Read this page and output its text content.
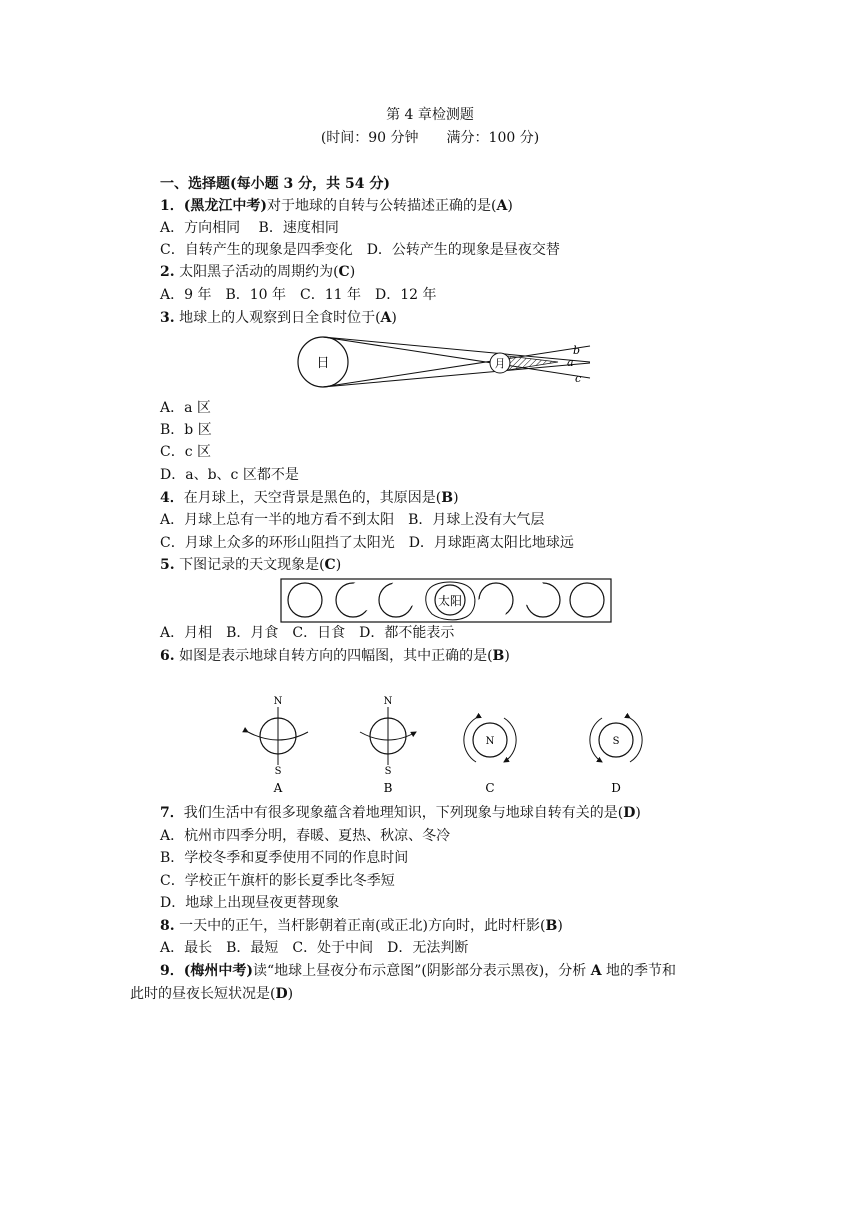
第 4 章检测题
(时间：90 分钟　　满分：100 分)
一、选择题(每小题 3 分，共 54 分)
1．(黑龙江中考)对于地球的自转与公转描述正确的是(A)
A．方向相同　 B．速度相同
C．自转产生的现象是四季变化　D．公转产生的现象是昼夜交替
2. 太阳黑子活动的周期约为(C)
A．9 年　B．10 年　C．11 年　D．12 年
3. 地球上的人观察到日全食时位于(A)
日	月	a
b
c
A．a 区
B．b 区
C．c 区
D．a、b、c 区都不是
4．在月球上，天空背景是黑色的，其原因是(B)
A．月球上总有一半的地方看不到太阳　B．月球上没有大气层
C．月球上众多的环形山阻挡了太阳光　D．月球距离太阳比地球远
5. 下图记录的天文现象是(C)
太阳
A．月相　B．月食　C．日食　D．都不能表示
6. 如图是表示地球自转方向的四幅图，其中正确的是(B)
N
S
A
N
S
B
N
C
S
D
7．我们生活中有很多现象蕴含着地理知识，下列现象与地球自转有关的是(D)
A．杭州市四季分明，春暖、夏热、秋凉、冬冷
B．学校冬季和夏季使用不同的作息时间
C．学校正午旗杆的影长夏季比冬季短
D．地球上出现昼夜更替现象
8. 一天中的正午，当杆影朝着正南(或正北)方向时，此时杆影(B)
A．最长　B．最短　C．处于中间　D．无法判断
9．(梅州中考)读“地球上昼夜分布示意图”(阴影部分表示黑夜)，分析 A 地的季节和
此时的昼夜长短状况是(D)
